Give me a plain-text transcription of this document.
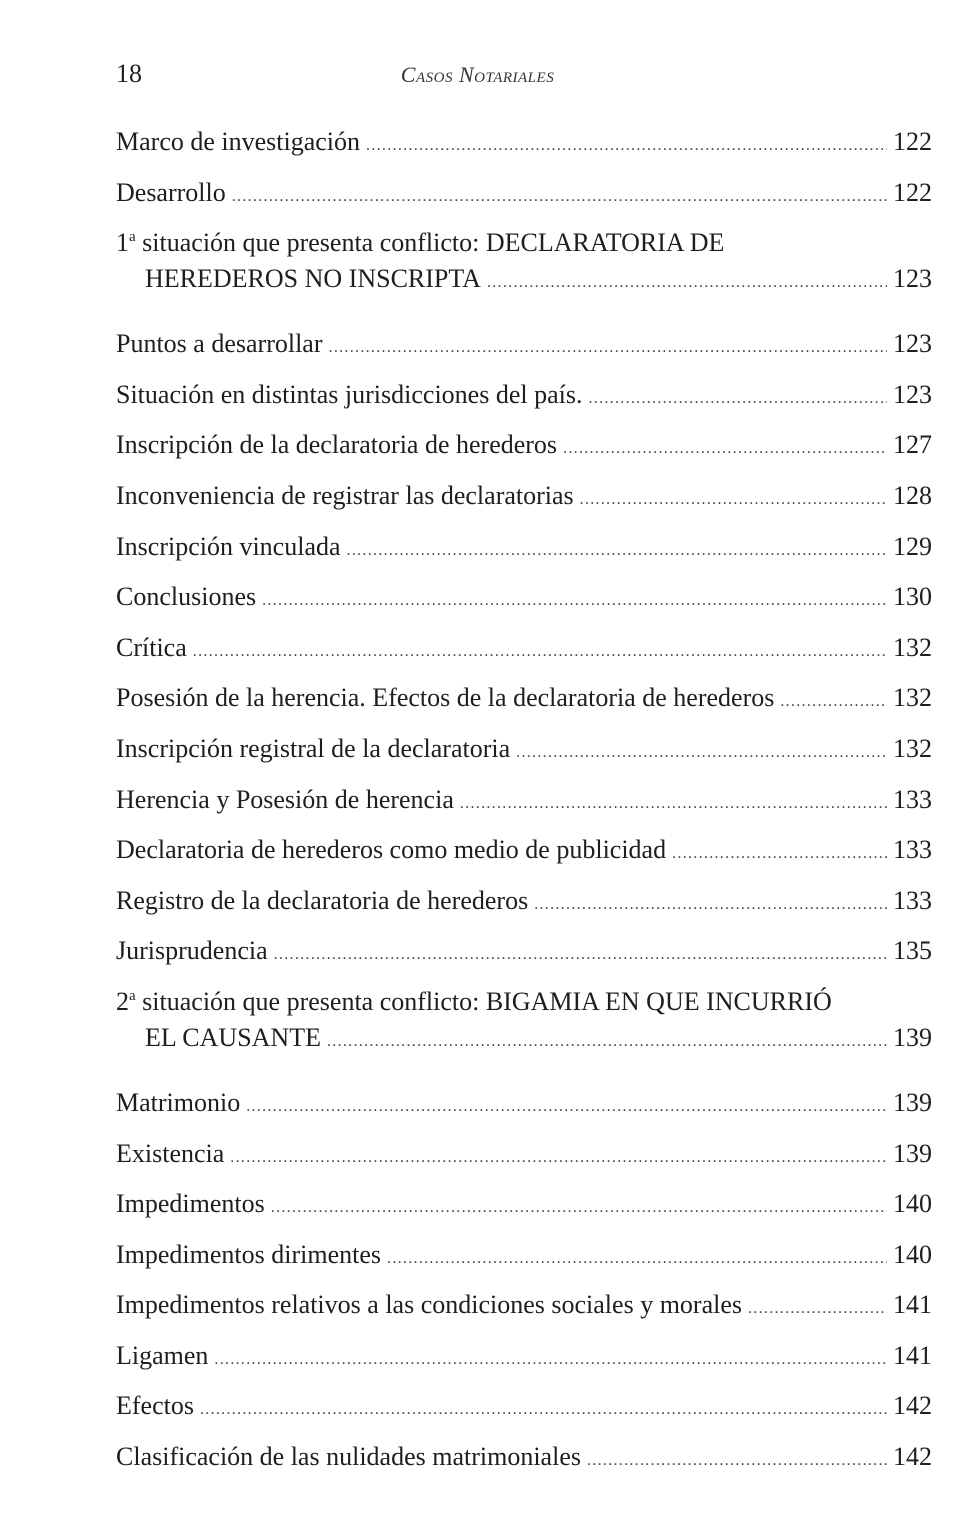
18	Casos Notariales
Marco de investigación .....	122
Desarrollo .....	122
1$^a$ situación que presenta conflicto: DECLARATORIA DE
HEREDEROS NO INSCRIPTA .....	123
Puntos a desarrollar .....	123
Situación en distintas jurisdicciones del país. .....	123
Inscripción de la declaratoria de herederos .....	127
Inconveniencia de registrar las declaratorias .....	128
Inscripción vinculada .....	129
Conclusiones .....	130
Crítica .....	132
Posesión de la herencia. Efectos de la declaratoria de herederos .....	132
Inscripción registral de la declaratoria .....	132
Herencia y Posesión de herencia .....	133
Declaratoria de herederos como medio de publicidad .....	133
Registro de la declaratoria de herederos .....	133
Jurisprudencia .....	135
2$^a$ situación que presenta conflicto: BIGAMIA EN QUE INCURRIÓ
EL CAUSANTE .....	139
Matrimonio .....	139
Existencia .....	139
Impedimentos .....	140
Impedimentos dirimentes .....	140
Impedimentos relativos a las condiciones sociales y morales .....	141
Ligamen .....	141
Efectos .....	142
Clasificación de las nulidades matrimoniales .....	142
